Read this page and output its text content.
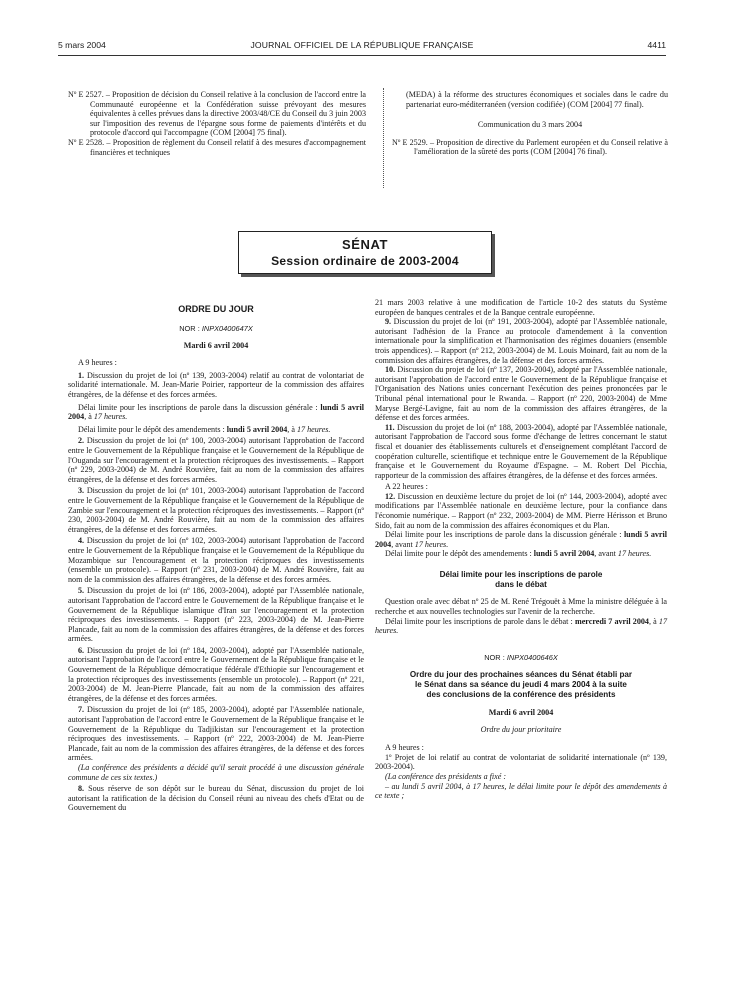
5 mars 2004	JOURNAL OFFICIEL DE LA RÉPUBLIQUE FRANÇAISE	4411

Nº E 2527. – Proposition de décision du Conseil relative à la conclusion de l'accord entre la Communauté européenne et la Confédération suisse prévoyant des mesures équivalentes à celles prévues dans la directive 2003/48/CE du Conseil du 3 juin 2003 sur l'imposition des revenus de l'épargne sous forme de paiements d'intérêts et du protocole d'accord qui l'accompagne (COM [2004] 75 final).

Nº E 2528. – Proposition de règlement du Conseil relatif à des mesures d'accompagnement financières et techniques

(MEDA) à la réforme des structures économiques et sociales dans le cadre du partenariat euro-méditerranéen (version codifiée) (COM [2004] 77 final).

Communication du 3 mars 2004

Nº E 2529. – Proposition de directive du Parlement européen et du Conseil relative à l'amélioration de la sûreté des ports (COM [2004] 76 final).

SÉNAT
Session ordinaire de 2003-2004

ORDRE DU JOUR

NOR : INPX0400647X

Mardi 6 avril 2004

A 9 heures :

1. Discussion du projet de loi (nº 139, 2003-2004) relatif au contrat de volontariat de solidarité internationale. M. Jean-Marie Poirier, rapporteur de la commission des affaires étrangères, de la défense et des forces armées.

Délai limite pour les inscriptions de parole dans la discussion générale : lundi 5 avril 2004, à 17 heures.

Délai limite pour le dépôt des amendements : lundi 5 avril 2004, à 17 heures.

2. Discussion du projet de loi (nº 100, 2003-2004) autorisant l'approbation de l'accord entre le Gouvernement de la République française et le Gouvernement de la République de l'Ouganda sur l'encouragement et la protection réciproques des investissements. – Rapport (nº 229, 2003-2004) de M. André Rouvière, fait au nom de la commission des affaires étrangères, de la défense et des forces armées.

3. Discussion du projet de loi (nº 101, 2003-2004) autorisant l'approbation de l'accord entre le Gouvernement de la République française et le Gouvernement de la République de Zambie sur l'encouragement et la protection réciproques des investissements. – Rapport (nº 230, 2003-2004) de M. André Rouvière, fait au nom de la commission des affaires étrangères, de la défense et des forces armées.

4. Discussion du projet de loi (nº 102, 2003-2004) autorisant l'approbation de l'accord entre le Gouvernement de la République française et le Gouvernement de la République du Mozambique sur l'encouragement et la protection réciproques des investissements (ensemble un protocole). – Rapport (nº 231, 2003-2004) de M. André Rouvière, fait au nom de la commission des affaires étrangères, de la défense et des forces armées.

5. Discussion du projet de loi (nº 186, 2003-2004), adopté par l'Assemblée nationale, autorisant l'approbation de l'accord entre le Gouvernement de la République française et le Gouvernement de la République islamique d'Iran sur l'encouragement et la protection réciproques des investissements. – Rapport (nº 223, 2003-2004) de M. Jean-Pierre Plancade, fait au nom de la commission des affaires étrangères, de la défense et des forces armées.

6. Discussion du projet de loi (nº 184, 2003-2004), adopté par l'Assemblée nationale, autorisant l'approbation de l'accord entre le Gouvernement de la République française et le Gouvernement de la République démocratique fédérale d'Ethiopie sur l'encouragement et la protection réciproques des investissements (ensemble un protocole). – Rapport (nº 221, 2003-2004) de M. Jean-Pierre Plancade, fait au nom de la commission des affaires étrangères, de la défense et des forces armées.

7. Discussion du projet de loi (nº 185, 2003-2004), adopté par l'Assemblée nationale, autorisant l'approbation de l'accord entre le Gouvernement de la République française et le Gouvernement de la République du Tadjikistan sur l'encouragement et la protection réciproques des investissements. – Rapport (nº 222, 2003-2004) de M. Jean-Pierre Plancade, fait au nom de la commission des affaires étrangères, de la défense et des forces armées.

(La conférence des présidents a décidé qu'il serait procédé à une discussion générale commune de ces six textes.)

8. Sous réserve de son dépôt sur le bureau du Sénat, discussion du projet de loi autorisant la ratification de la décision du Conseil réuni au niveau des chefs d'Etat ou de Gouvernement du

21 mars 2003 relative à une modification de l'article 10-2 des statuts du Système européen de banques centrales et de la Banque centrale européenne.

9. Discussion du projet de loi (nº 191, 2003-2004), adopté par l'Assemblée nationale, autorisant l'adhésion de la France au protocole d'amendement à la convention internationale pour la simplification et l'harmonisation des régimes douaniers (ensemble trois appendices). – Rapport (nº 212, 2003-2004) de M. Louis Moinard, fait au nom de la commission des affaires étrangères, de la défense et des forces armées.

10. Discussion du projet de loi (nº 137, 2003-2004), adopté par l'Assemblée nationale, autorisant l'approbation de l'accord entre le Gouvernement de la République française et l'Organisation des Nations unies concernant l'exécution des peines prononcées par le Tribunal pénal international pour le Rwanda. – Rapport (nº 220, 2003-2004) de Mme Maryse Bergé-Lavigne, fait au nom de la commission des affaires étrangères, de la défense et des forces armées.

11. Discussion du projet de loi (nº 188, 2003-2004), adopté par l'Assemblée nationale, autorisant l'approbation de l'accord sous forme d'échange de lettres concernant le statut fiscal et douanier des établissements culturels et d'enseignement complétant l'accord de coopération culturelle, scientifique et technique entre le Gouvernement de la République française et le Gouvernement du Royaume d'Espagne. – M. Robert Del Picchia, rapporteur de la commission des affaires étrangères, de la défense et des forces armées.

A 22 heures :

12. Discussion en deuxième lecture du projet de loi (nº 144, 2003-2004), adopté avec modifications par l'Assemblée nationale en deuxième lecture, pour la confiance dans l'économie numérique. – Rapport (nº 232, 2003-2004) de MM. Pierre Hérisson et Bruno Sido, fait au nom de la commission des affaires économiques et du Plan.

Délai limite pour les inscriptions de parole dans la discussion générale : lundi 5 avril 2004, avant 17 heures.

Délai limite pour le dépôt des amendements : lundi 5 avril 2004, avant 17 heures.

Délai limite pour les inscriptions de parole
dans le débat

Question orale avec débat nº 25 de M. René Trégouët à Mme la ministre déléguée à la recherche et aux nouvelles technologies sur l'avenir de la recherche.

Délai limite pour les inscriptions de parole dans le débat : mercredi 7 avril 2004, à 17 heures.

NOR : INPX0400646X

Ordre du jour des prochaines séances du Sénat établi par
le Sénat dans sa séance du jeudi 4 mars 2004 à la suite
des conclusions de la conférence des présidents

Mardi 6 avril 2004

Ordre du jour prioritaire

A 9 heures :

1º Projet de loi relatif au contrat de volontariat de solidarité internationale (nº 139, 2003-2004).

(La conférence des présidents a fixé :

– au lundi 5 avril 2004, à 17 heures, le délai limite pour le dépôt des amendements à ce texte ;
